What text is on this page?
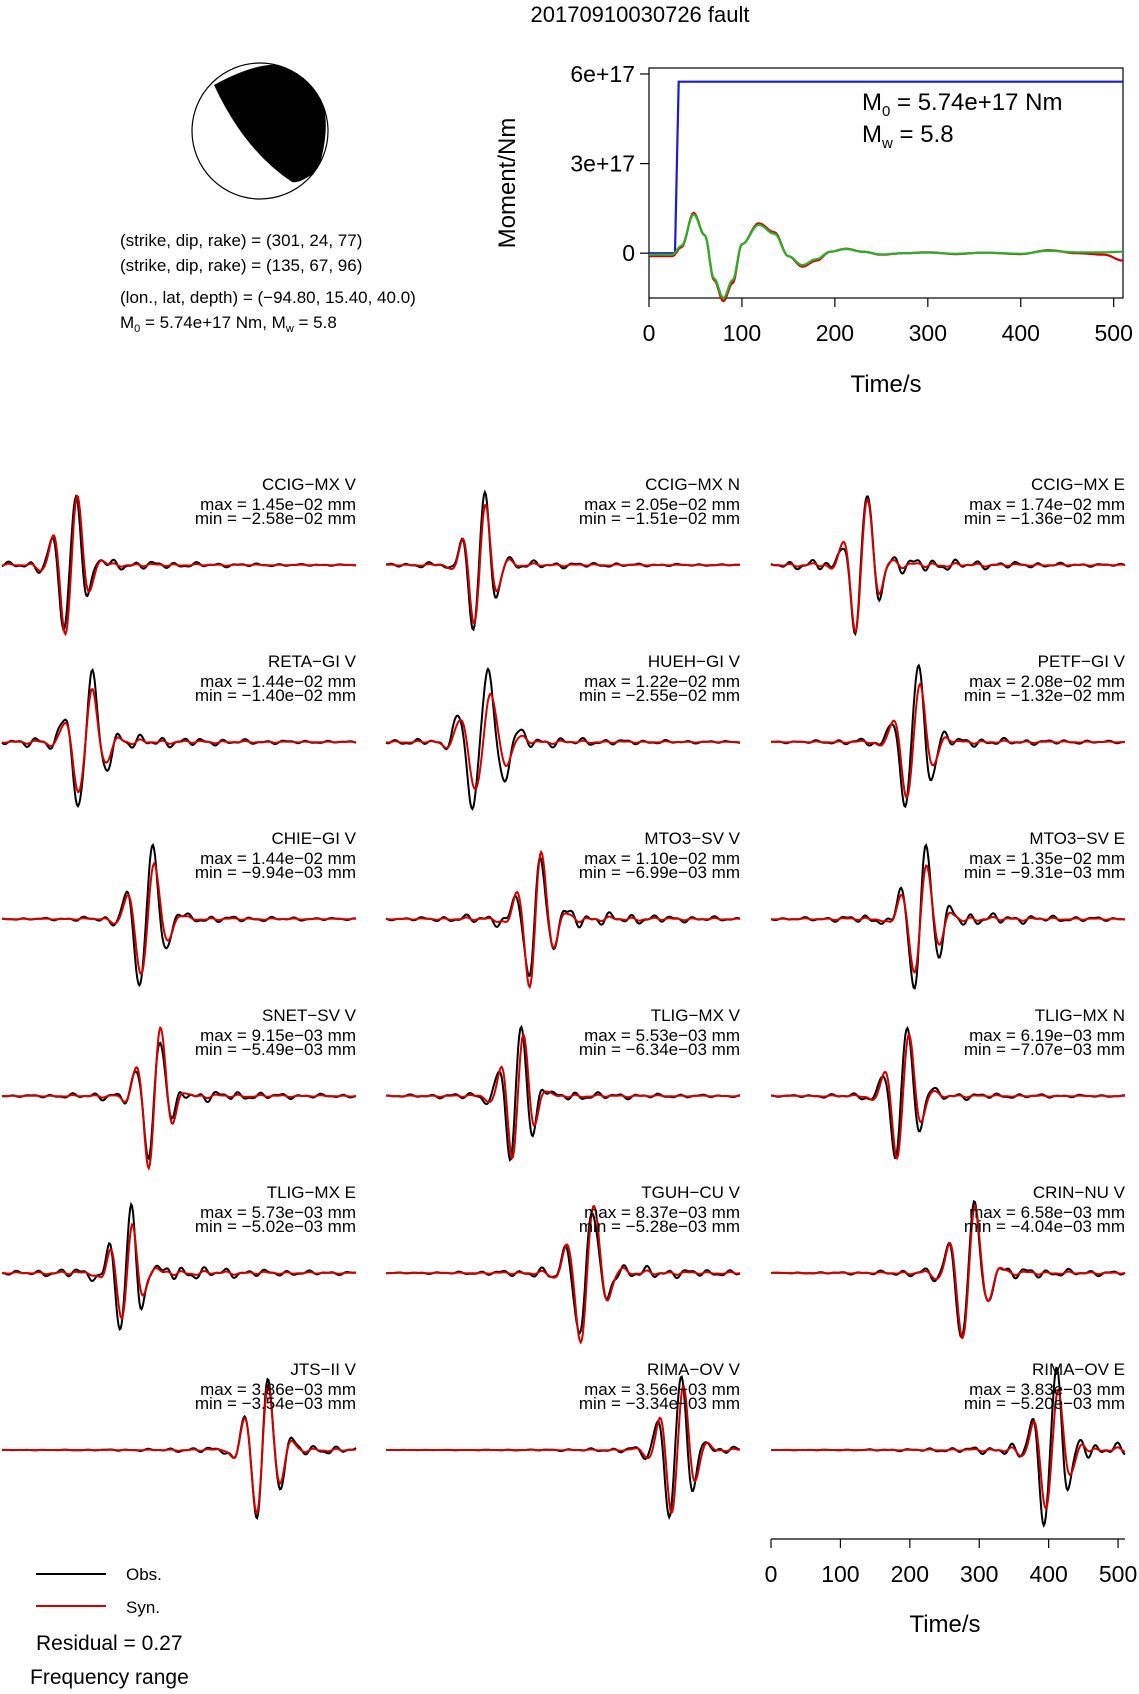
20170910030726 fault
(strike, dip, rake) = (301, 24, 77)
(strike, dip, rake) = (135, 67, 96)
(lon., lat, depth) = (−94.80, 15.40, 40.0)
$M_0 = 5.74e+17$ Nm, $M_w = 5.8$
0
3e+17
6e+17
0	100 200 300 400 500
Moment/Nm
Time/s
$M_0 = 5.74e+17$ Nm
$M_w = 5.8$
CCIG−MX V
max = 1.45e−02 mm
min = −2.58e−02 mm
CCIG−MX N
max = 2.05e−02 mm
min = −1.51e−02 mm
CCIG−MX E
max = 1.74e−02 mm
min = −1.36e−02 mm
RETA−GI V
max = 1.44e−02 mm
min = −1.40e−02 mm
HUEH−GI V
max = 1.22e−02 mm
min = −2.55e−02 mm
PETF−GI V
max = 2.08e−02 mm
min = −1.32e−02 mm
CHIE−GI V
max = 1.44e−02 mm
min = −9.94e−03 mm
MTO3−SV V
max = 1.10e−02 mm
min = −6.99e−03 mm
MTO3−SV E
max = 1.35e−02 mm
min = −9.31e−03 mm
SNET−SV V
max = 9.15e−03 mm
min = −5.49e−03 mm
TLIG−MX V
max = 5.53e−03 mm
min = −6.34e−03 mm
TLIG−MX N
max = 6.19e−03 mm
min = −7.07e−03 mm
TLIG−MX E
max = 5.73e−03 mm
min = −5.02e−03 mm
TGUH−CU V
max = 8.37e−03 mm
min = −5.28e−03 mm
CRIN−NU V
max = 6.58e−03 mm
min = −4.04e−03 mm
JTS−II V
max = 3.86e−03 mm
min = −3.54e−03 mm
RIMA−OV V
max = 3.56e−03 mm
min = −3.34e−03 mm
RIMA−OV E
max = 3.83e−03 mm
min = −5.20e−03 mm
Time/s
0 100 200 300 400 500
Obs.
Syn.
Residual = 0.27
Frequency range
